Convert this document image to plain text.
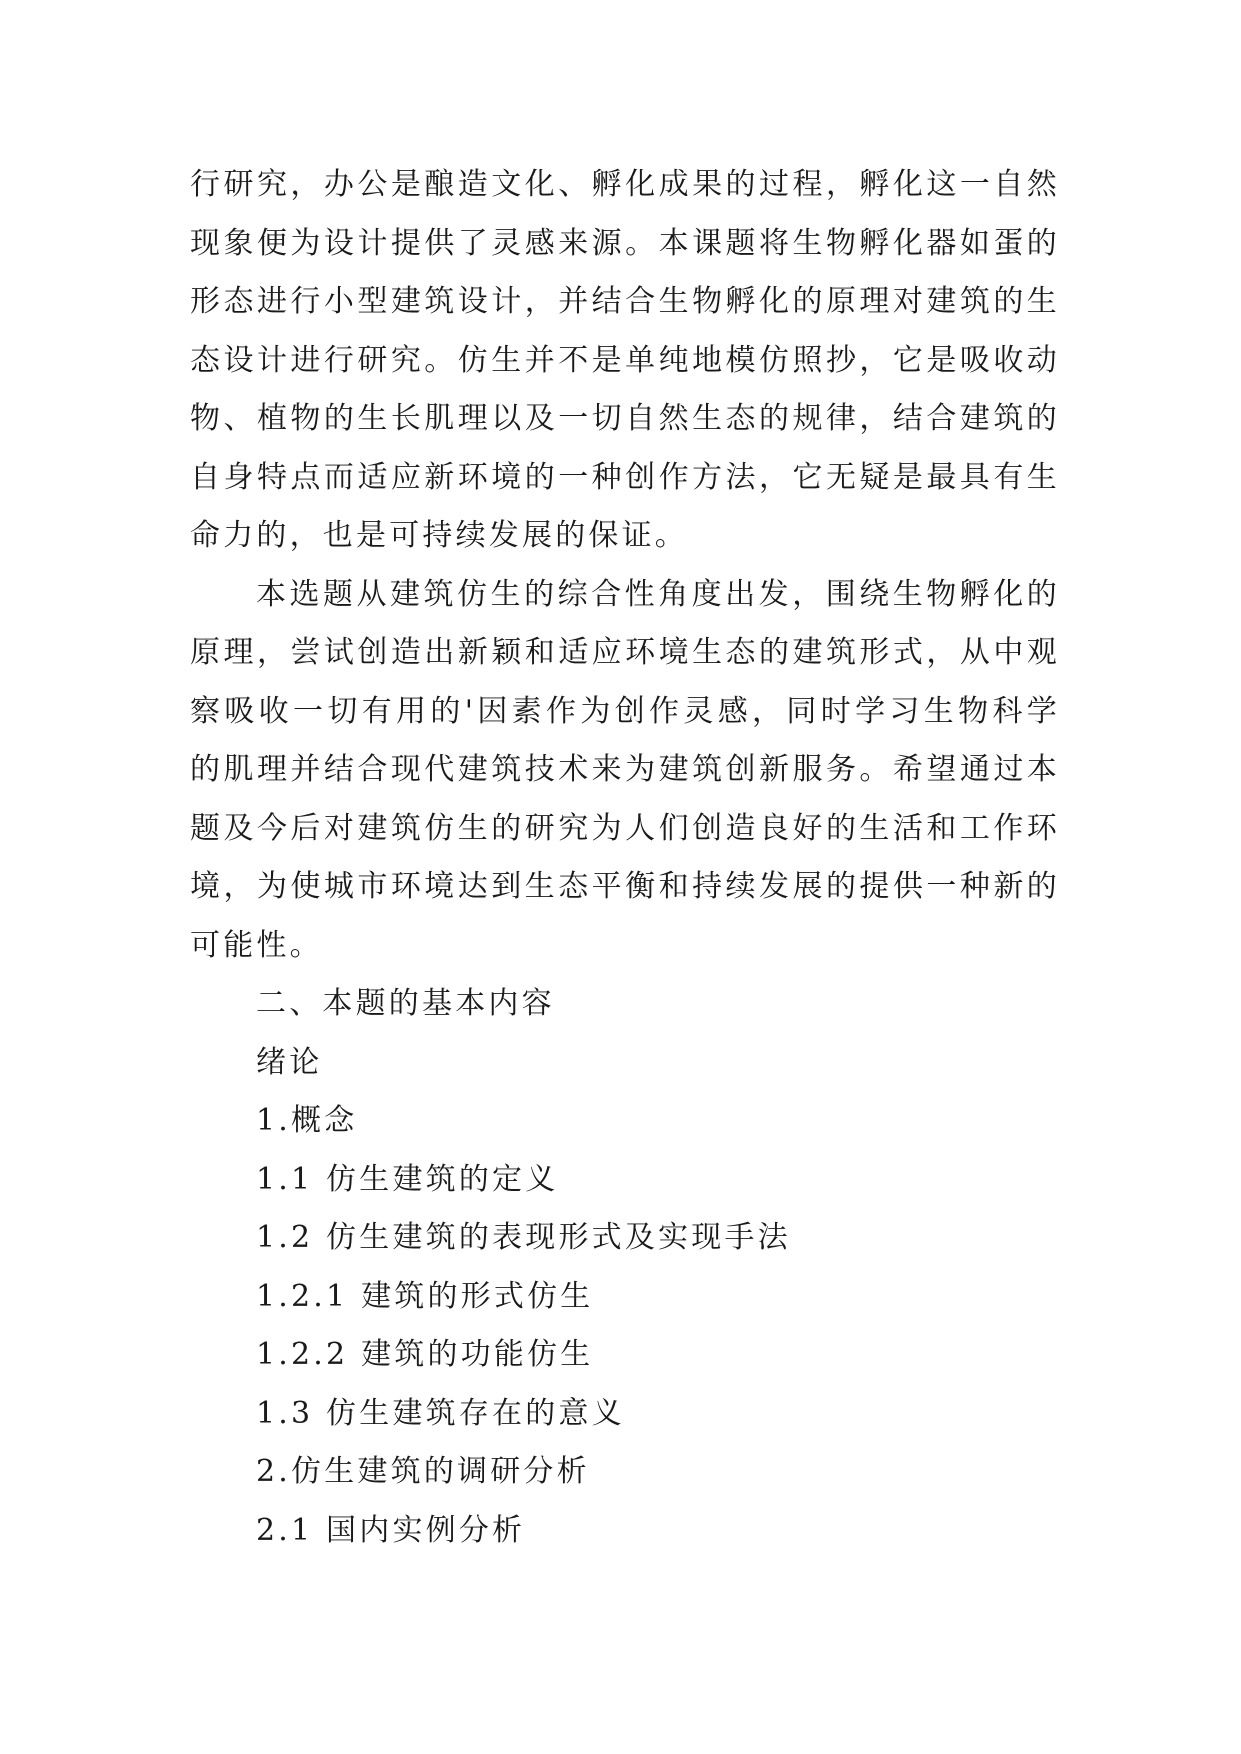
行研究，办公是酿造文化、孵化成果的过程，孵化这一自然现象便为设计提供了灵感来源。本课题将生物孵化器如蛋的形态进行小型建筑设计，并结合生物孵化的原理对建筑的生态设计进行研究。仿生并不是单纯地模仿照抄，它是吸收动物、植物的生长肌理以及一切自然生态的规律，结合建筑的自身特点而适应新环境的一种创作方法，它无疑是最具有生命力的，也是可持续发展的保证。

本选题从建筑仿生的综合性角度出发，围绕生物孵化的原理，尝试创造出新颖和适应环境生态的建筑形式，从中观察吸收一切有用的'因素作为创作灵感，同时学习生物科学的肌理并结合现代建筑技术来为建筑创新服务。希望通过本题及今后对建筑仿生的研究为人们创造良好的生活和工作环境，为使城市环境达到生态平衡和持续发展的提供一种新的可能性。

二、本题的基本内容

绪论

1.概念

1.1 仿生建筑的定义

1.2 仿生建筑的表现形式及实现手法

1.2.1 建筑的形式仿生

1.2.2 建筑的功能仿生

1.3 仿生建筑存在的意义

2.仿生建筑的调研分析

2.1 国内实例分析
